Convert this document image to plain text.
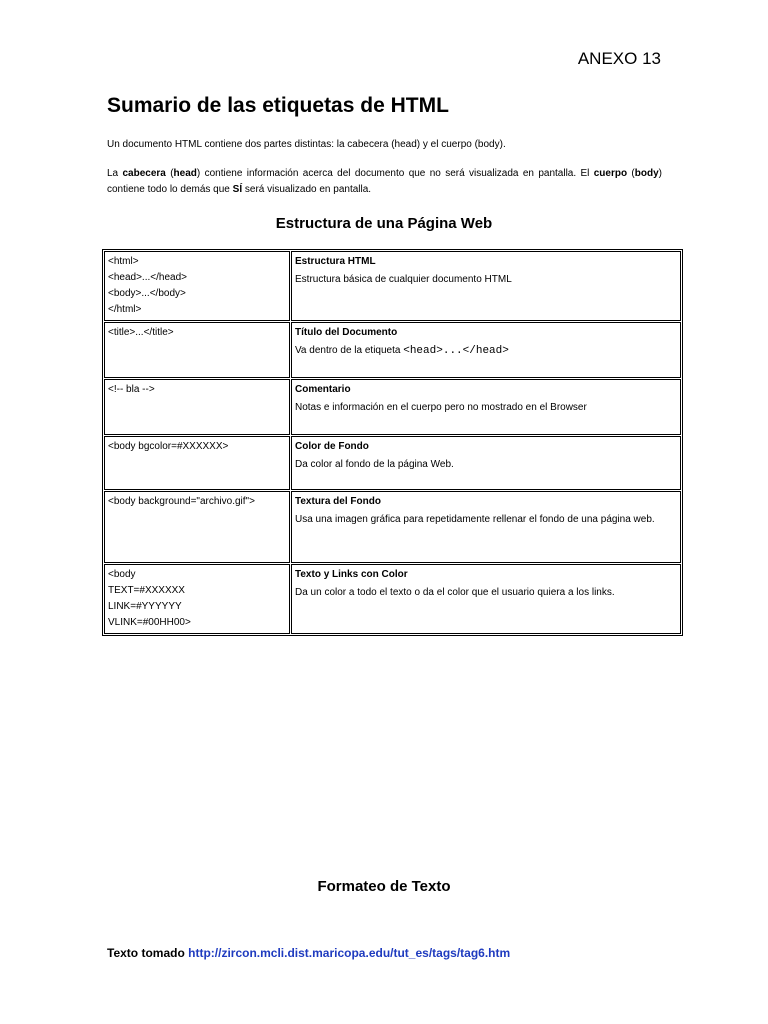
ANEXO 13
Sumario de las etiquetas de HTML

Un documento HTML contiene dos partes distintas: la cabecera (head) y el cuerpo (body).

La cabecera (head) contiene información acerca del documento que no será visualizada en pantalla. El cuerpo (body) contiene todo lo demás que SÍ será visualizado en pantalla.

Estructura de una Página Web
<html>
<head>...</head>
<body>...</body>
</html>	Estructura HTML
Estructura básica de cualquier documento HTML

<title>...</title>	Título del Documento
Va dentro de la etiqueta <head>...</head>

<!-- bla -->	Comentario
Notas e información en el cuerpo pero no mostrado en el Browser

<body bgcolor=#XXXXXX>	Color de Fondo
Da color al fondo de la página Web.

<body background="archivo.gif">	Textura del Fondo
Usa una imagen gráfica para repetidamente rellenar el fondo de una página web.

<body
TEXT=#XXXXXX
LINK=#YYYYYY
VLINK=#00HH00>	Texto y Links con Color
Da un color a todo el texto o da el color que el usuario quiera a los links.
Formateo de Texto
Texto tomado http://zircon.mcli.dist.maricopa.edu/tut_es/tags/tag6.htm
